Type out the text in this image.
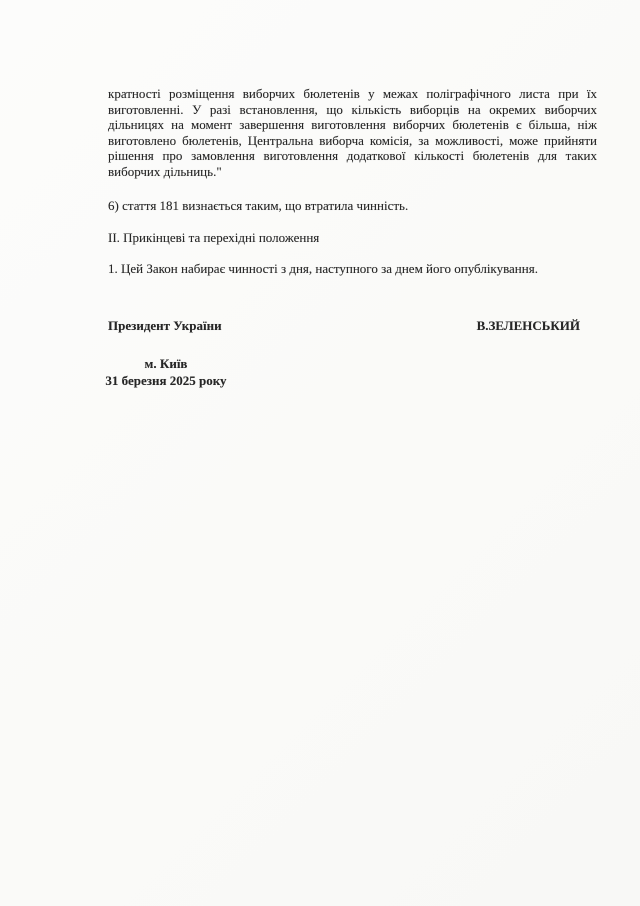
кратності розміщення виборчих бюлетенів у межах поліграфічного листа при їх виготовленні. У разі встановлення, що кількість виборців на окремих виборчих дільницях на момент завершення виготовлення виборчих бюлетенів є більша, ніж виготовлено бюлетенів, Центральна виборча комісія, за можливості, може прийняти рішення про замовлення виготовлення додаткової кількості бюлетенів для таких виборчих дільниць."

6) стаття 181 визнається таким, що втратила чинність.

ІІ. Прикінцеві та перехідні положення

1. Цей Закон набирає чинності з дня, наступного за днем його опублікування.

Президент України	В.ЗЕЛЕНСЬКИЙ
м. Київ
31 березня 2025 року
